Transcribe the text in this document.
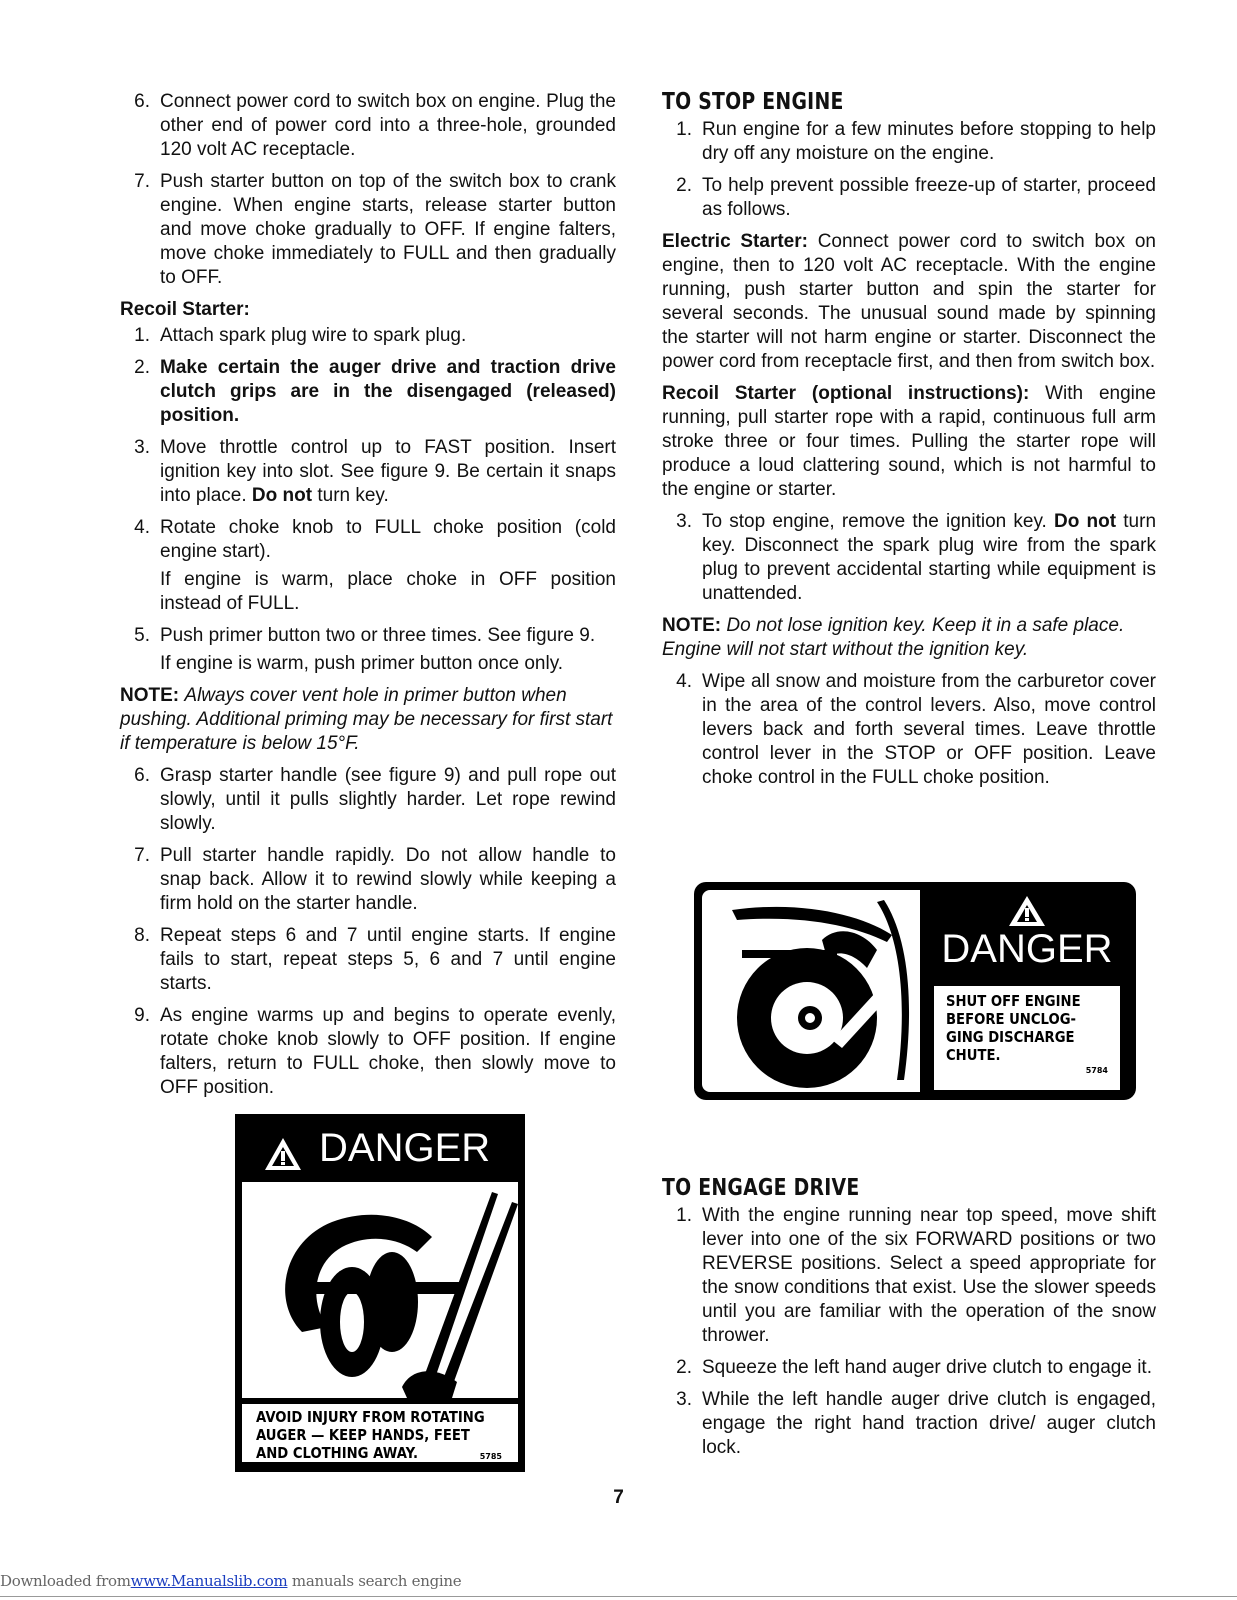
6. Connect power cord to switch box on engine. Plug the other end of power cord into a three-hole, grounded 120 volt AC receptacle.

7. Push starter button on top of the switch box to crank engine. When engine starts, release starter button and move choke gradually to OFF. If engine falters, move choke immediately to FULL and then gradually to OFF.

Recoil Starter:
1. Attach spark plug wire to spark plug.

2. Make certain the auger drive and traction drive clutch grips are in the disengaged (released) position.

3. Move throttle control up to FAST position. Insert ignition key into slot. See figure 9. Be certain it snaps into place. Do not turn key.

4. Rotate choke knob to FULL choke position (cold engine start).

If engine is warm, place choke in OFF position instead of FULL.

5. Push primer button two or three times. See figure 9.

If engine is warm, push primer button once only.

NOTE: Always cover vent hole in primer button when pushing. Additional priming may be necessary for first start if temperature is below 15°F.

6. Grasp starter handle (see figure 9) and pull rope out slowly, until it pulls slightly harder. Let rope rewind slowly.

7. Pull starter handle rapidly. Do not allow handle to snap back. Allow it to rewind slowly while keeping a firm hold on the starter handle.

8. Repeat steps 6 and 7 until engine starts. If engine fails to start, repeat steps 5, 6 and 7 until engine starts.

9. As engine warms up and begins to operate evenly, rotate choke knob slowly to OFF position. If engine falters, return to FULL choke, then slowly move to OFF position.

DANGER
AVOID INJURY FROM ROTATING
AUGER — KEEP HANDS, FEET
AND CLOTHING AWAY.	5785
TO STOP ENGINE
1. Run engine for a few minutes before stopping to help dry off any moisture on the engine.

2. To help prevent possible freeze-up of starter, proceed as follows.

Electric Starter: Connect power cord to switch box on engine, then to 120 volt AC receptacle. With the engine running, push starter button and spin the starter for several seconds. The unusual sound made by spinning the starter will not harm engine or starter. Disconnect the power cord from receptacle first, and then from switch box.

Recoil Starter (optional instructions): With engine running, pull starter rope with a rapid, continuous full arm stroke three or four times. Pulling the starter rope will produce a loud clattering sound, which is not harmful to the engine or starter.

3. To stop engine, remove the ignition key. Do not turn key. Disconnect the spark plug wire from the spark plug to prevent accidental starting while equipment is unattended.

NOTE: Do not lose ignition key. Keep it in a safe place. Engine will not start without the ignition key.

4. Wipe all snow and moisture from the carburetor cover in the area of the control levers. Also, move control levers back and forth several times. Leave throttle control lever in the STOP or OFF position. Leave choke control in the FULL choke position.

TO ENGAGE DRIVE
1. With the engine running near top speed, move shift lever into one of the six FORWARD positions or two REVERSE positions. Select a speed appropriate for the snow conditions that exist. Use the slower speeds until you are familiar with the operation of the snow thrower.

2. Squeeze the left hand auger drive clutch to engage it.

3. While the left handle auger drive clutch is engaged, engage the right hand traction drive/ auger clutch lock.

DANGER
SHUT OFF ENGINE
BEFORE UNCLOG-
GING DISCHARGE
CHUTE.
5784
7
Downloaded fromwww.Manualslib.com manuals search engine
